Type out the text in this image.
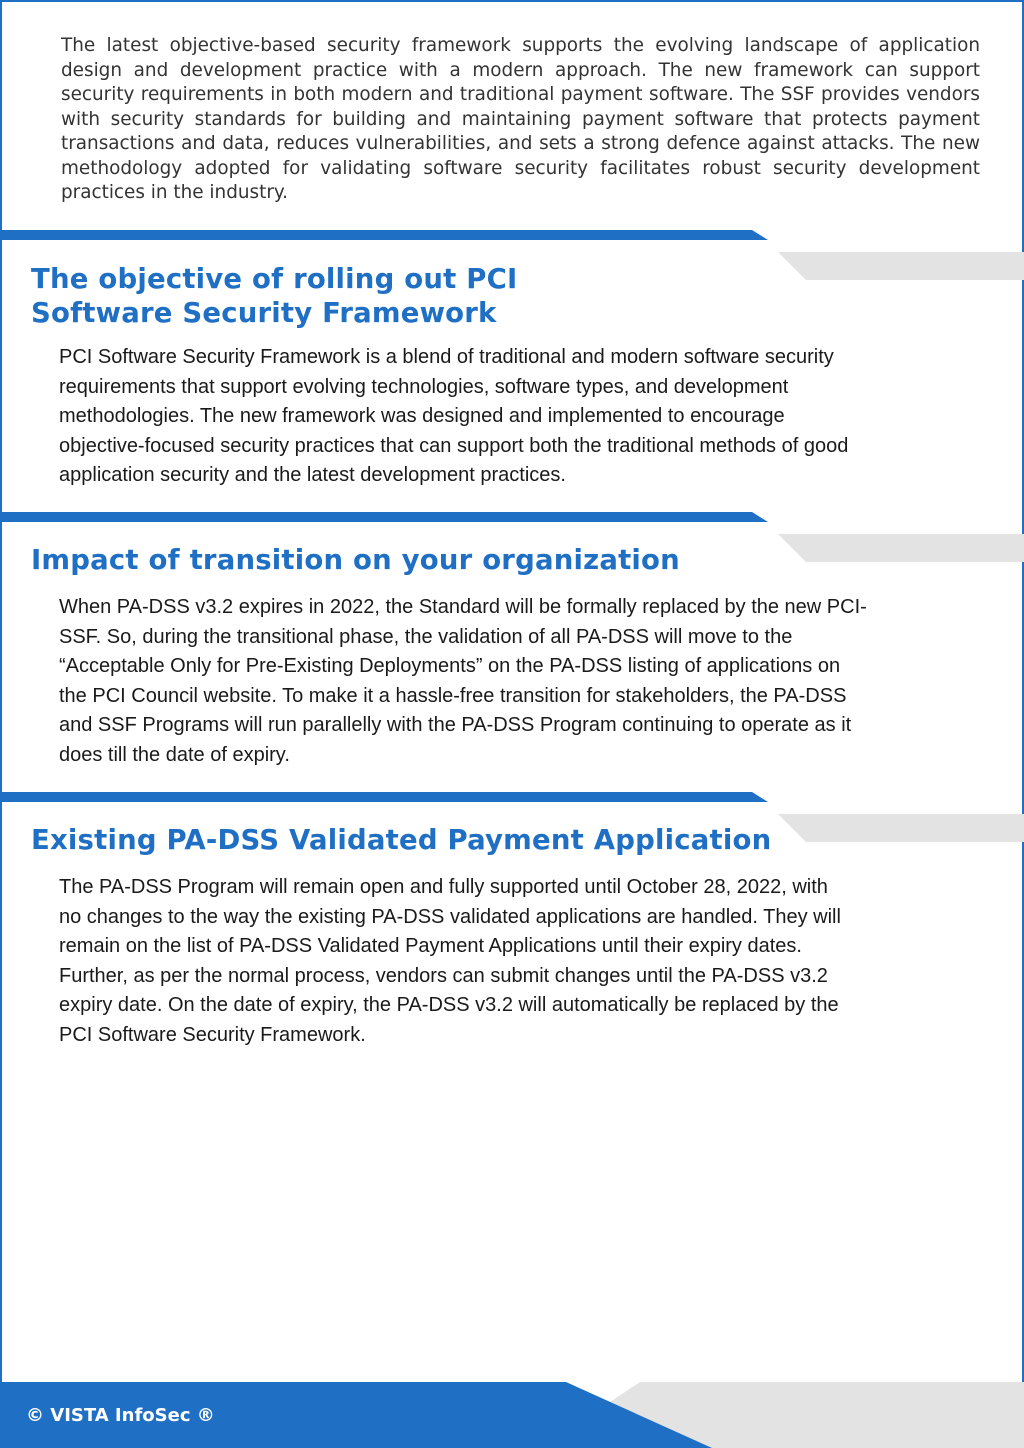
The latest objective-based security framework supports the evolving landscape of application design and development practice with a modern approach. The new framework can support security requirements in both modern and traditional payment software. The SSF provides vendors with security standards for building and maintaining payment software that protects payment transactions and data, reduces vulnerabilities, and sets a strong defence against attacks. The new methodology adopted for validating software security facilitates robust security development practices in the industry.

The objective of rolling out PCI
Software Security Framework
PCI Software Security Framework is a blend of traditional and modern software security
requirements that support evolving technologies, software types, and development
methodologies. The new framework was designed and implemented to encourage
objective-focused security practices that can support both the traditional methods of good
application security and the latest development practices.
Impact of transition on your organization
When PA-DSS v3.2 expires in 2022, the Standard will be formally replaced by the new PCI-
SSF. So, during the transitional phase, the validation of all PA-DSS will move to the
“Acceptable Only for Pre-Existing Deployments” on the PA-DSS listing of applications on
the PCI Council website. To make it a hassle-free transition for stakeholders, the PA-DSS
and SSF Programs will run parallelly with the PA-DSS Program continuing to operate as it
does till the date of expiry.
Existing PA-DSS Validated Payment Application
The PA-DSS Program will remain open and fully supported until October 28, 2022, with
no changes to the way the existing PA-DSS validated applications are handled. They will
remain on the list of PA-DSS Validated Payment Applications until their expiry dates.
Further, as per the normal process, vendors can submit changes until the PA-DSS v3.2
expiry date. On the date of expiry, the PA-DSS v3.2 will automatically be replaced by the
PCI Software Security Framework.
© VISTA InfoSec ®
